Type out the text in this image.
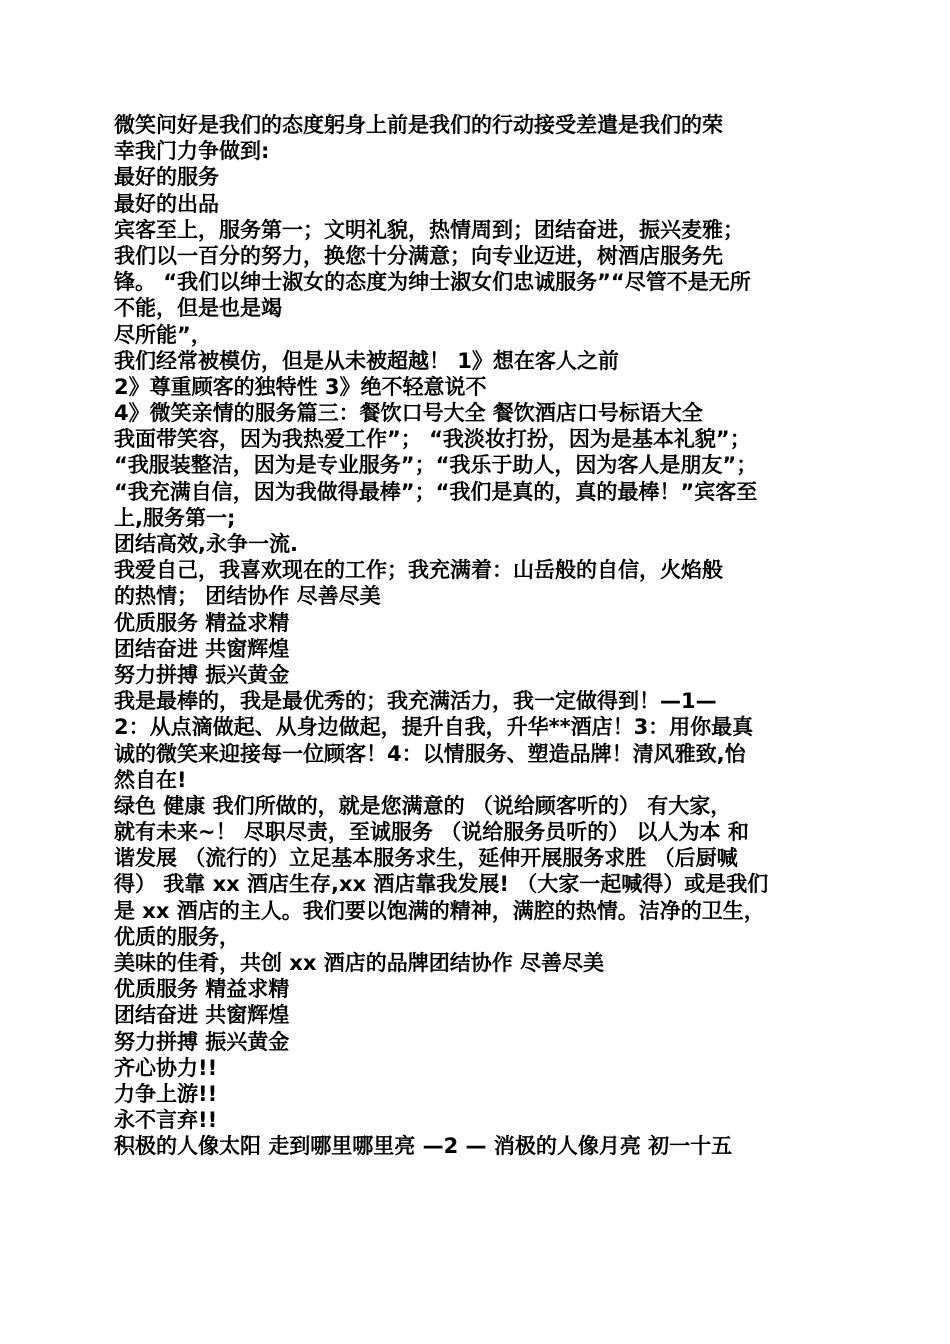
微笑问好是我们的态度躬身上前是我们的行动接受差遣是我们的荣
幸我门力争做到:
最好的服务
最好的出品
宾客至上，服务第一；文明礼貌，热情周到；团结奋进，振兴麦雅；
我们以一百分的努力，换您十分满意；向专业迈进，树酒店服务先
锋。 “我们以绅士淑女的态度为绅士淑女们忠诚服务”“尽管不是无所
不能，但是也是竭
尽所能”，
我们经常被模仿，但是从未被超越！ 1》想在客人之前
2》尊重顾客的独特性 3》绝不轻意说不
4》微笑亲情的服务篇三：餐饮口号大全 餐饮酒店口号标语大全
我面带笑容，因为我热爱工作”； “我淡妆打扮，因为是基本礼貌”；
“我服装整洁，因为是专业服务”；“我乐于助人，因为客人是朋友”；
“我充满自信，因为我做得最棒”；“我们是真的，真的最棒！”宾客至
上,服务第一;
团结高效,永争一流.
我爱自己，我喜欢现在的工作；我充满着：山岳般的自信，火焰般
的热情； 团结协作 尽善尽美
优质服务 精益求精
团结奋进 共窗辉煌
努力拼搏 振兴黄金
我是最棒的，我是最优秀的；我充满活力，我一定做得到！—1—
2：从点滴做起、从身边做起，提升自我，升华**酒店！3：用你最真
诚的微笑来迎接每一位顾客！4：以情服务、塑造品牌！清风雅致,怡
然自在!
绿色 健康 我们所做的，就是您满意的 （说给顾客听的） 有大家，
就有未来~！ 尽职尽责，至诚服务 （说给服务员听的） 以人为本 和
谐发展 （流行的）立足基本服务求生，延伸开展服务求胜 （后厨喊
得） 我靠 xx 酒店生存,xx 酒店靠我发展! （大家一起喊得）或是我们
是 xx 酒店的主人。我们要以饱满的精神，满腔的热情。洁净的卫生，
优质的服务，
美味的佳肴，共创 xx 酒店的品牌团结协作 尽善尽美
优质服务 精益求精
团结奋进 共窗辉煌
努力拼搏 振兴黄金
齐心协力!!
力争上游!!
永不言弃!!
积极的人像太阳 走到哪里哪里亮 —2 — 消极的人像月亮 初一十五
